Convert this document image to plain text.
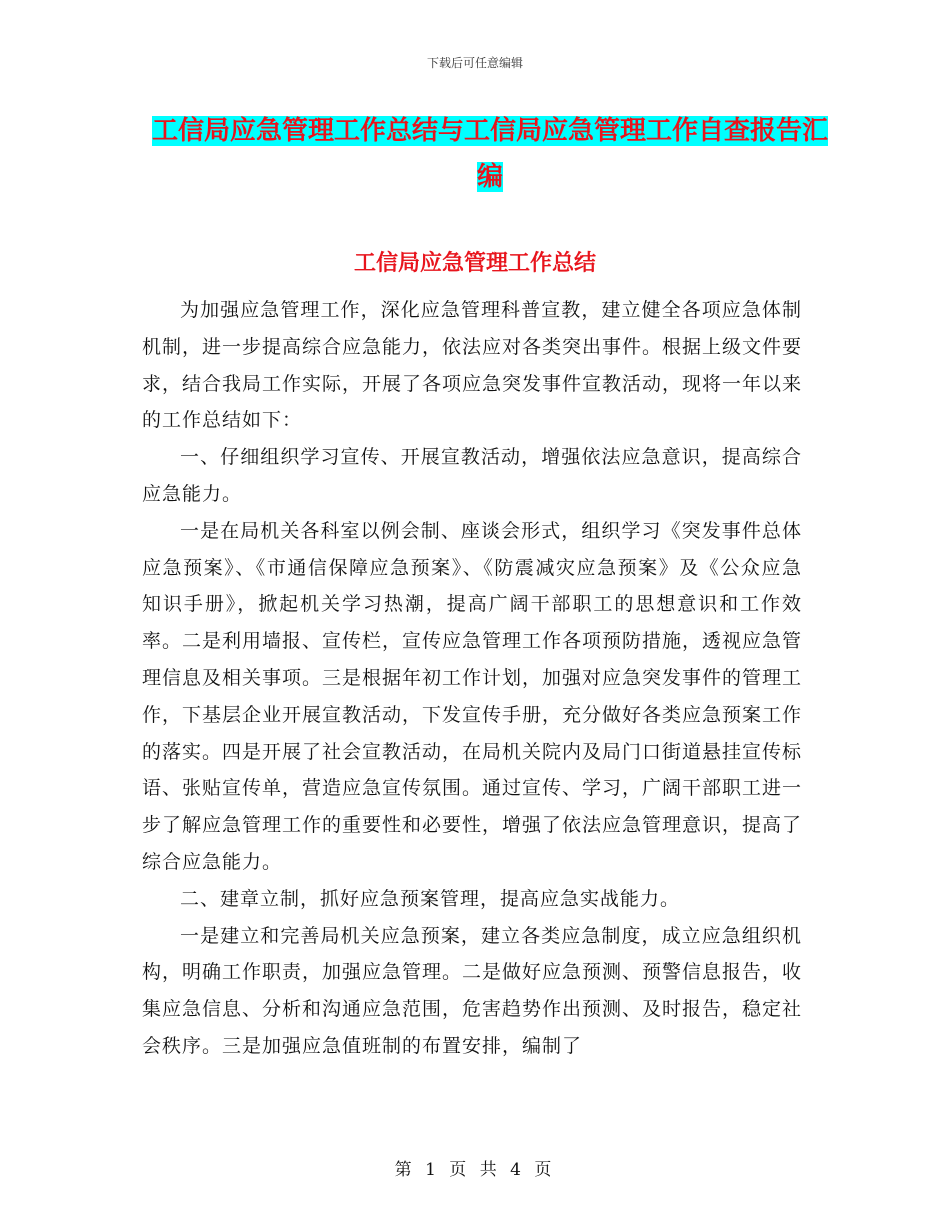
下载后可任意编辑
工信局应急管理工作总结与工信局应急管理工作自查报告汇编
工信局应急管理工作总结

为加强应急管理工作，深化应急管理科普宣教，建立健全各项应急体制机制，进一步提高综合应急能力，依法应对各类突出事件。根据上级文件要求，结合我局工作实际，开展了各项应急突发事件宣教活动，现将一年以来的工作总结如下：

一、仔细组织学习宣传、开展宣教活动，增强依法应急意识，提高综合应急能力。

一是在局机关各科室以例会制、座谈会形式，组织学习《突发事件总体应急预案》、《市通信保障应急预案》、《防震减灾应急预案》及《公众应急知识手册》，掀起机关学习热潮，提高广阔干部职工的思想意识和工作效率。二是利用墙报、宣传栏，宣传应急管理工作各项预防措施，透视应急管理信息及相关事项。三是根据年初工作计划，加强对应急突发事件的管理工作，下基层企业开展宣教活动，下发宣传手册，充分做好各类应急预案工作的落实。四是开展了社会宣教活动，在局机关院内及局门口街道悬挂宣传标语、张贴宣传单，营造应急宣传氛围。通过宣传、学习，广阔干部职工进一步了解应急管理工作的重要性和必要性，增强了依法应急管理意识，提高了综合应急能力。

二、建章立制，抓好应急预案管理，提高应急实战能力。

一是建立和完善局机关应急预案，建立各类应急制度，成立应急组织机构，明确工作职责，加强应急管理。二是做好应急预测、预警信息报告，收集应急信息、分析和沟通应急范围，危害趋势作出预测、及时报告，稳定社会秩序。三是加强应急值班制的布置安排，编制了

第 1 页 共 4 页
